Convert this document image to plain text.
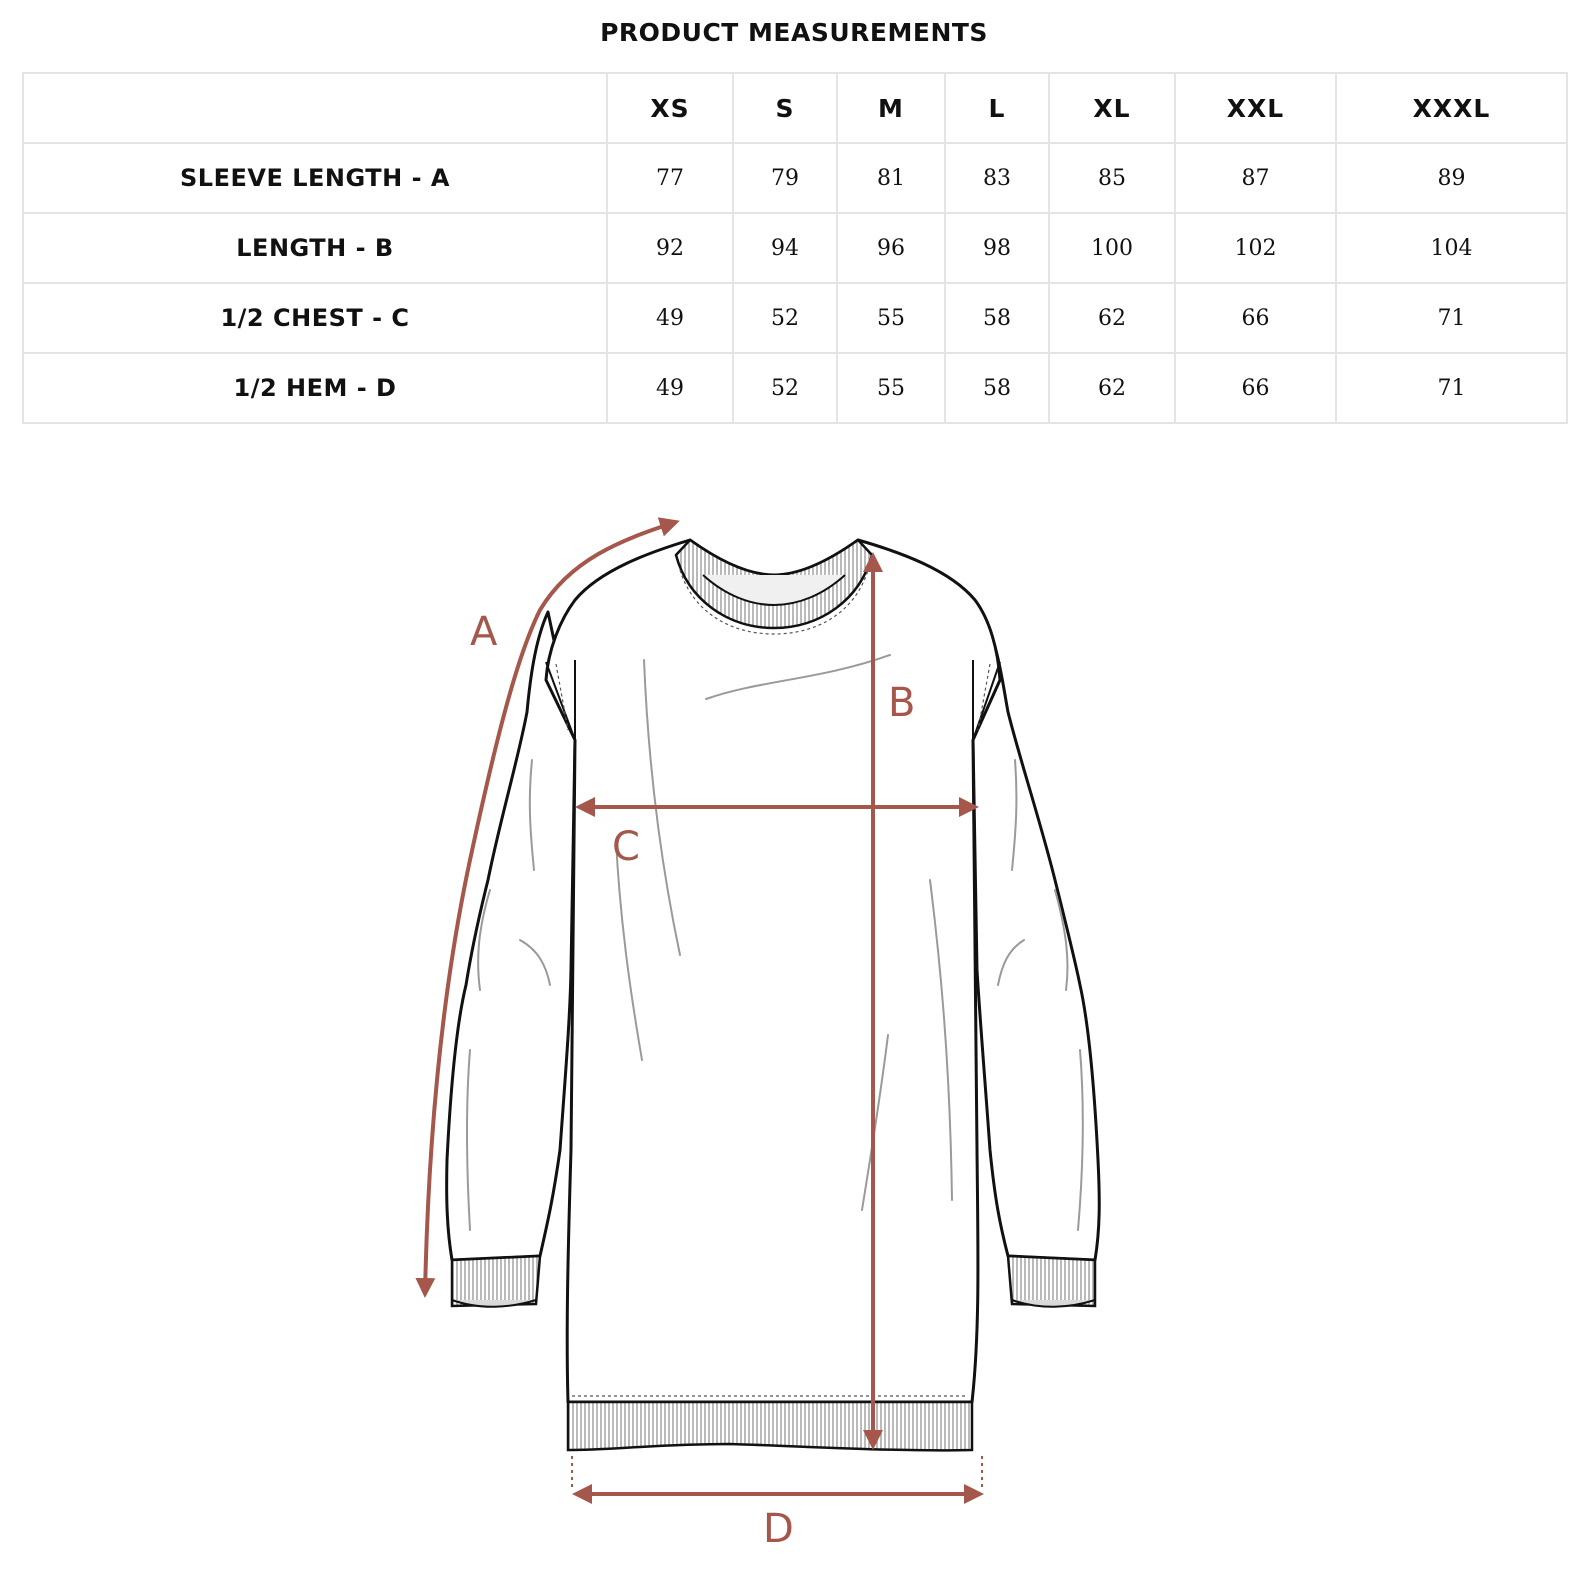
PRODUCT MEASUREMENTS
	XS	S	M	L	XL	XXL	XXXL
SLEEVE LENGTH - A	77	79	81	83	85	87	89
LENGTH - B	92	94	96	98	100	102	104
1/2 CHEST - C	49	52	55	58	62	66	71
1/2 HEM - D	49	52	55	58	62	66	71
A
B
C
D
